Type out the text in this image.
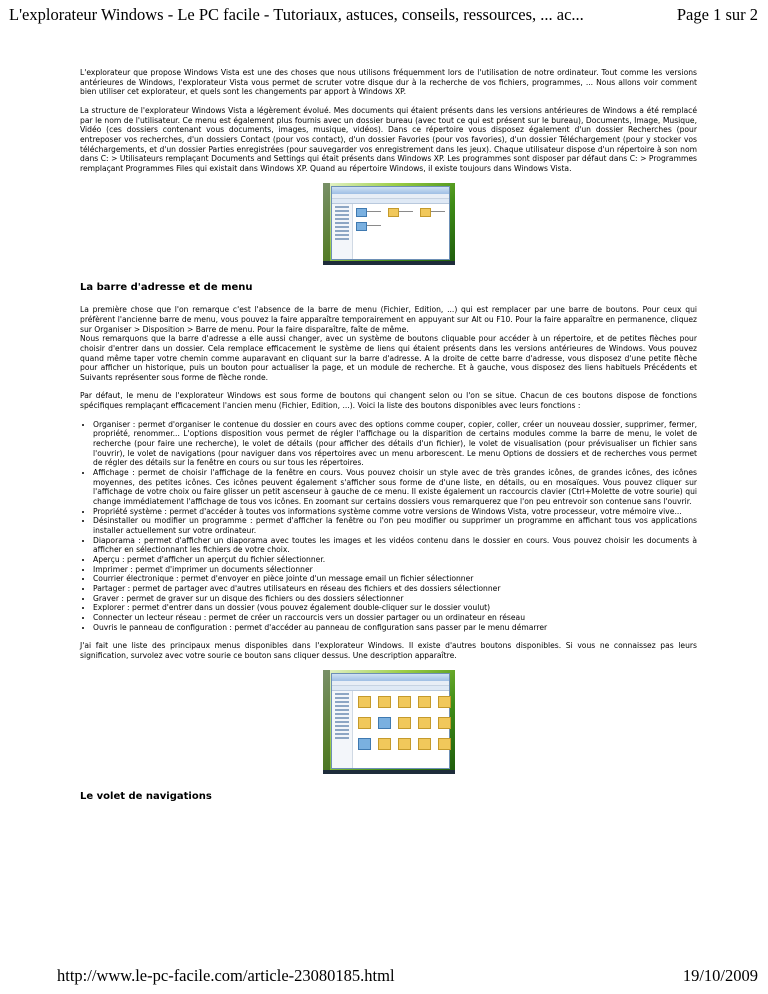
L'explorateur Windows - Le PC facile - Tutoriaux, astuces, conseils, ressources, ... ac...	Page 1 sur 2

L'explorateur que propose Windows Vista est une des choses que nous utilisons fréquemment lors de l'utilisation de notre ordinateur. Tout comme les versions antérieures de Windows, l'explorateur Vista vous permet de scruter votre disque dur à la recherche de vos fichiers, programmes, ... Nous allons voir comment bien utiliser cet explorateur, et quels sont les changements par apport à Windows XP.

La structure de l'explorateur Windows Vista a légèrement évolué. Mes documents qui étaient présents dans les versions antérieures de Windows a été remplacé par le nom de l'utilisateur. Ce menu est également plus fournis avec un dossier bureau (avec tout ce qui est présent sur le bureau), Documents, Image, Musique, Vidéo (ces dossiers contenant vous documents, images, musique, vidéos). Dans ce répertoire vous disposez également d'un dossier Recherches (pour entreposer vos recherches, d'un dossiers Contact (pour vos contact), d'un dossier Favories (pour vos favories), d'un dossier Téléchargement (pour y stocker vos téléchargements, et d'un dossier Parties enregistrées (pour sauvegarder vos enregistrement dans les jeux). Chaque utilisateur dispose d'un répertoire à son nom dans C: > Utilisateurs remplaçant Documents and Settings qui était présents dans Windows XP. Les programmes sont disposer par défaut dans C: > Programmes remplaçant Programmes Files qui existait dans Windows XP. Quand au répertoire Windows, il existe toujours dans Windows Vista.

La barre d'adresse et de menu

La première chose que l'on remarque c'est l'absence de la barre de menu (Fichier, Edition, ...) qui est remplacer par une barre de boutons. Pour ceux qui préfèrent l'ancienne barre de menu, vous pouvez la faire apparaître temporairement en appuyant sur Alt ou F10. Pour la faire apparaître en permanence, cliquez sur Organiser > Disposition > Barre de menu. Pour la faire disparaître, faîte de même.
Nous remarquons que la barre d'adresse a elle aussi changer, avec un système de boutons cliquable pour accéder à un répertoire, et de petites flèches pour choisir d'entrer dans un dossier. Cela remplace efficacement le système de liens qui étaient présents dans les versions antérieures de Windows. Vous pouvez quand même taper votre chemin comme auparavant en cliquant sur la barre d'adresse. A la droite de cette barre d'adresse, vous disposez d'une petite flèche pour afficher un historique, puis un bouton pour actualiser la page, et un module de recherche. Et à gauche, vous disposez des liens habituels Précédents et Suivants représenter sous forme de flèche ronde.

Par défaut, le menu de l'explorateur Windows est sous forme de boutons qui changent selon ou l'on se situe. Chacun de ces boutons dispose de fonctions spécifiques remplaçant efficacement l'ancien menu (Fichier, Edition, ...). Voici la liste des boutons disponibles avec leurs fonctions :

• Organiser : permet d'organiser le contenue du dossier en cours avec des options comme couper, copier, coller, créer un nouveau dossier, supprimer, fermer, propriété, renommer... L'options disposition vous permet de régler l'affichage ou la disparition de certains modules comme la barre de menu, le volet de recherche (pour faire une recherche), le volet de détails (pour afficher des détails d'un fichier), le volet de visualisation (pour prévisualiser un fichier sans l'ouvrir), le volet de navigations (pour naviguer dans vos répertoires avec un menu arborescent. Le menu Options de dossiers et de recherches vous permet de régler des détails sur la fenêtre en cours ou sur tous les répertoires.
• Affichage : permet de choisir l'affichage de la fenêtre en cours. Vous pouvez choisir un style avec de très grandes icônes, de grandes icônes, des icônes moyennes, des petites icônes. Ces icônes peuvent également s'afficher sous forme de d'une liste, en détails, ou en mosaïques. Vous pouvez cliquer sur l'affichage de votre choix ou faire glisser un petit ascenseur à gauche de ce menu. Il existe également un raccourcis clavier (Ctrl+Molette de votre sourie) qui change immédiatement l'affichage de tous vos icônes. En zoomant sur certains dossiers vous remarquerez que l'on peu entrevoir son contenue sans l'ouvrir.
• Propriété système : permet d'accéder à toutes vos informations système comme votre versions de Windows Vista, votre processeur, votre mémoire vive...
• Désinstaller ou modifier un programme : permet d'afficher la fenêtre ou l'on peu modifier ou supprimer un programme en affichant tous vos applications installer actuellement sur votre ordinateur.
• Diaporama : permet d'afficher un diaporama avec toutes les images et les vidéos contenu dans le dossier en cours. Vous pouvez choisir les documents à afficher en sélectionnant les fichiers de votre choix.
• Aperçu : permet d'afficher un aperçut du fichier sélectionner.
• Imprimer : permet d'imprimer un documents sélectionner
• Courrier électronique : permet d'envoyer en pièce jointe d'un message email un fichier sélectionner
• Partager : permet de partager avec d'autres utilisateurs en réseau des fichiers et des dossiers sélectionner
• Graver : permet de graver sur un disque des fichiers ou des dossiers sélectionner
• Explorer : permet d'entrer dans un dossier (vous pouvez également double-cliquer sur le dossier voulut)
• Connecter un lecteur réseau : permet de créer un raccourcis vers un dossier partager ou un ordinateur en réseau
• Ouvris le panneau de configuration : permet d'accéder au panneau de configuration sans passer par le menu démarrer

J'ai fait une liste des principaux menus disponibles dans l'explorateur Windows. Il existe d'autres boutons disponibles. Si vous ne connaissez pas leurs signification, survolez avec votre sourie ce bouton sans cliquer dessus. Une description apparaître.

Le volet de navigations
http://www.le-pc-facile.com/article-23080185.html	19/10/2009
